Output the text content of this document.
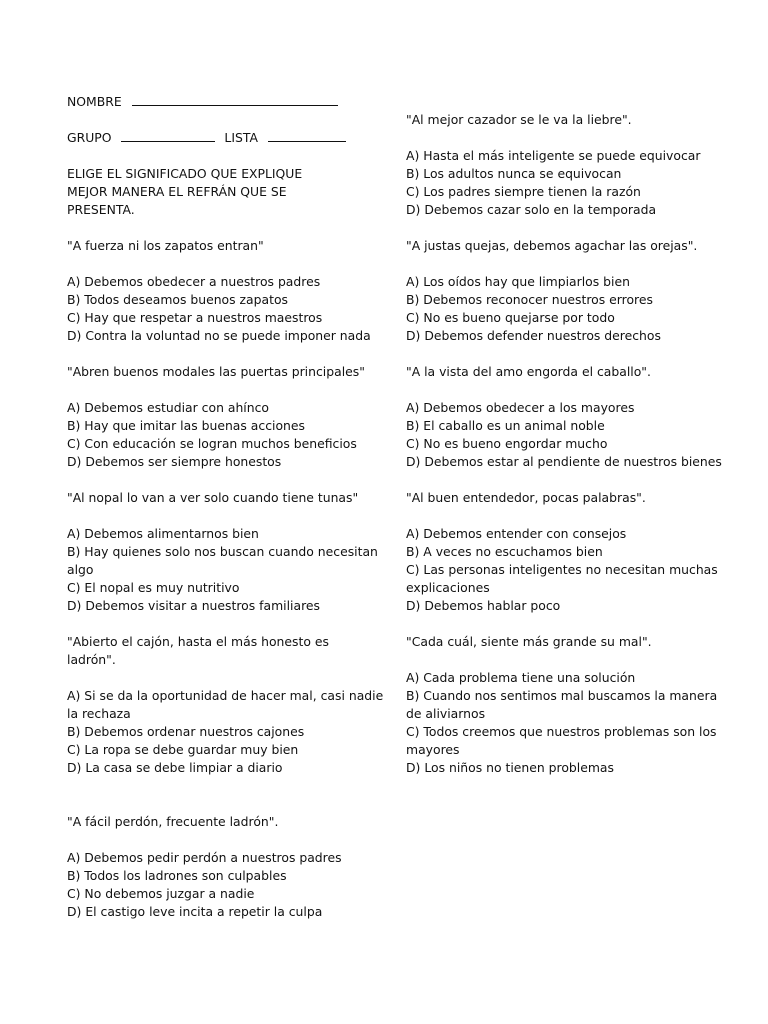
NOMBRE
GRUPO	LISTA
ELIGE EL SIGNIFICADO QUE EXPLIQUE
MEJOR MANERA EL REFRÁN QUE SE
PRESENTA.
"A fuerza ni los zapatos entran"
A) Debemos obedecer a nuestros padres
B) Todos deseamos buenos zapatos
C) Hay que respetar a nuestros maestros
D) Contra la voluntad no se puede imponer nada
"Abren buenos modales las puertas principales"
A) Debemos estudiar con ahínco
B) Hay que imitar las buenas acciones
C) Con educación se logran muchos beneficios
D) Debemos ser siempre honestos
"Al nopal lo van a ver solo cuando tiene tunas"
A) Debemos alimentarnos bien
B) Hay quienes solo nos buscan cuando necesitan
algo
C) El nopal es muy nutritivo
D) Debemos visitar a nuestros familiares
"Abierto el cajón, hasta el más honesto es
ladrón".
A) Si se da la oportunidad de hacer mal, casi nadie
la rechaza
B) Debemos ordenar nuestros cajones
C) La ropa se debe guardar muy bien
D) La casa se debe limpiar a diario
"A fácil perdón, frecuente ladrón".
A) Debemos pedir perdón a nuestros padres
B) Todos los ladrones son culpables
C) No debemos juzgar a nadie
D) El castigo leve incita a repetir la culpa
"Al mejor cazador se le va la liebre".
A) Hasta el más inteligente se puede equivocar
B) Los adultos nunca se equivocan
C) Los padres siempre tienen la razón
D) Debemos cazar solo en la temporada
"A justas quejas, debemos agachar las orejas".
A) Los oídos hay que limpiarlos bien
B) Debemos reconocer nuestros errores
C) No es bueno quejarse por todo
D) Debemos defender nuestros derechos
"A la vista del amo engorda el caballo".
A) Debemos obedecer a los mayores
B) El caballo es un animal noble
C) No es bueno engordar mucho
D) Debemos estar al pendiente de nuestros bienes
"Al buen entendedor, pocas palabras".
A) Debemos entender con consejos
B) A veces no escuchamos bien
C) Las personas inteligentes no necesitan muchas
explicaciones
D) Debemos hablar poco
"Cada cuál, siente más grande su mal".
A) Cada problema tiene una solución
B) Cuando nos sentimos mal buscamos la manera
de aliviarnos
C) Todos creemos que nuestros problemas son los
mayores
D) Los niños no tienen problemas
